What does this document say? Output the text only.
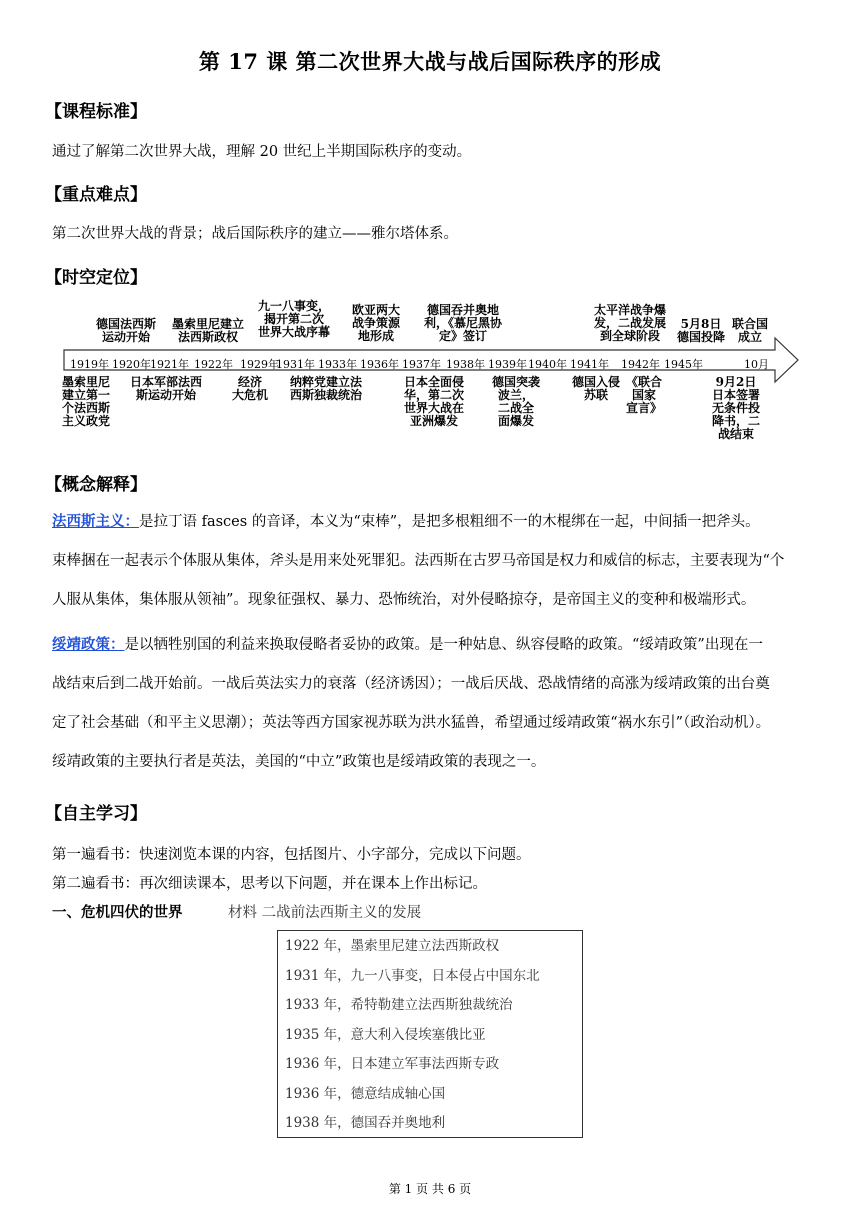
第 17 课 第二次世界大战与战后国际秩序的形成
【课程标准】
通过了解第二次世界大战，理解 20 世纪上半期国际秩序的变动。
【重点难点】
第二次世界大战的背景；战后国际秩序的建立——雅尔塔体系。
【时空定位】
1919年 1920年 1921年 1922年 1929年
1931年 1933年 1936年 1937年 1938年 1939年 1940年 1941年 1942年 1945年	10月
德国法西斯
运动开始
墨索里尼建立
法西斯政权
九一八事变，
揭开第二次
世界大战序幕
欧亚两大
战争策源
地形成
德国吞并奥地
利，《慕尼黑协
定》签订
太平洋战争爆
发，二战发展
到全球阶段
5月8日
德国投降
联合国
成立
墨索里尼
建立第一
个法西斯
主义政党
日本军部法西
斯运动开始
经济
大危机
纳粹党建立法
西斯独裁统治
日本全面侵
华，第二次
世界大战在
亚洲爆发
德国突袭
波兰，
二战全
面爆发
德国入侵
苏联
《联合
国家
宣言》
9月2日
日本签署
无条件投
降书，二
战结束
【概念解释】
法西斯主义：是拉丁语 fasces 的音译，本义为“束棒”，是把多根粗细不一的木棍绑在一起，中间插一把斧头。
束棒捆在一起表示个体服从集体，斧头是用来处死罪犯。法西斯在古罗马帝国是权力和威信的标志，主要表现为“个
人服从集体，集体服从领袖”。现象征强权、暴力、恐怖统治，对外侵略掠夺，是帝国主义的变种和极端形式。
绥靖政策：是以牺牲别国的利益来换取侵略者妥协的政策。是一种姑息、纵容侵略的政策。“绥靖政策”出现在一
战结束后到二战开始前。一战后英法实力的衰落（经济诱因）；一战后厌战、恐战情绪的高涨为绥靖政策的出台奠
定了社会基础（和平主义思潮）；英法等西方国家视苏联为洪水猛兽，希望通过绥靖政策“祸水东引”（政治动机）。
绥靖政策的主要执行者是英法，美国的“中立”政策也是绥靖政策的表现之一。
【自主学习】
第一遍看书：快速浏览本课的内容，包括图片、小字部分，完成以下问题。
第二遍看书：再次细读课本，思考以下问题，并在课本上作出标记。
一、危机四伏的世界	材料 二战前法西斯主义的发展
1922 年，墨索里尼建立法西斯政权
1931 年，九一八事变，日本侵占中国东北
1933 年，希特勒建立法西斯独裁统治
1935 年，意大利入侵埃塞俄比亚
1936 年，日本建立军事法西斯专政
1936 年，德意结成轴心国
1938 年，德国吞并奥地利
第 1 页 共 6 页
